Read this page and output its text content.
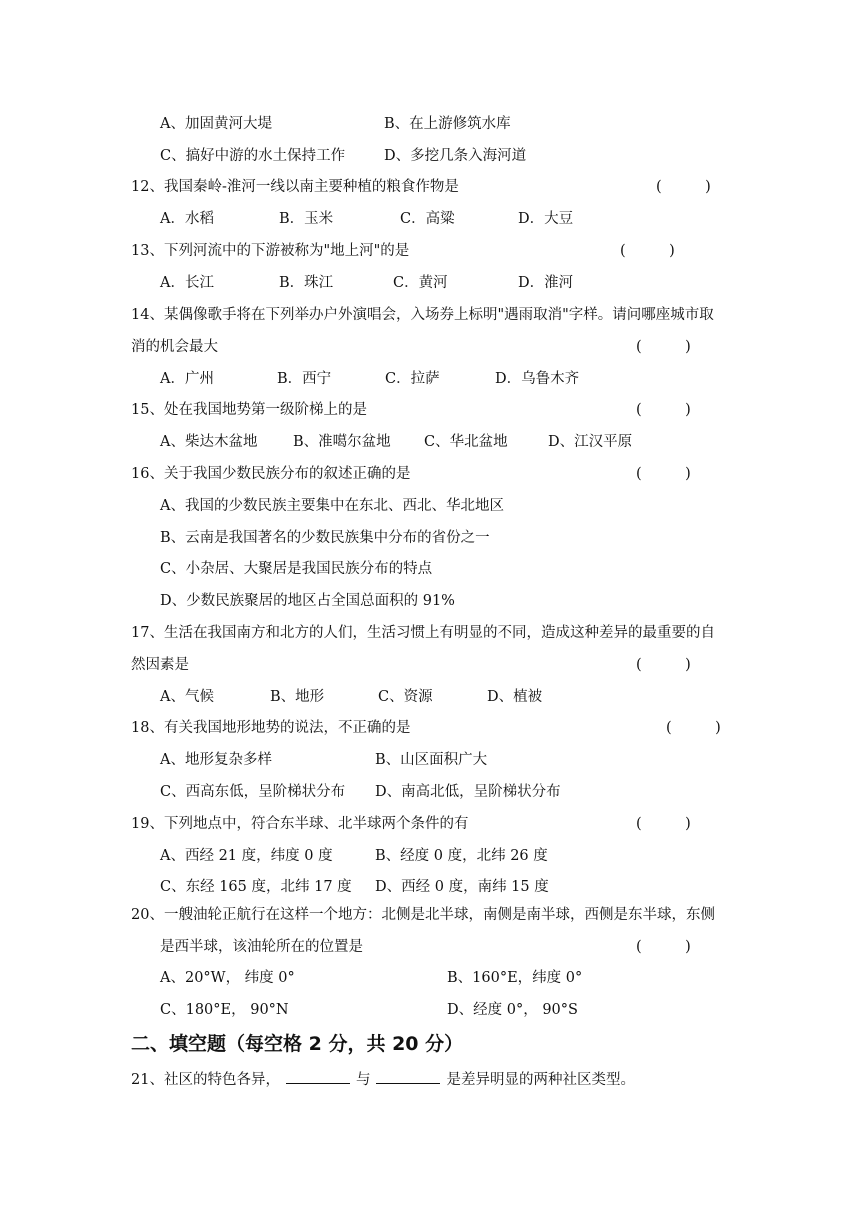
A、加固黄河大堤	B、在上游修筑水库
C、搞好中游的水土保持工作	D、多挖几条入海河道
12、我国秦岭-淮河一线以南主要种植的粮食作物是	(　　　)
A．水稻	B．玉米	C．高粱	D．大豆
13、下列河流中的下游被称为"地上河"的是	(　　　)
A．长江	B．珠江	C．黄河	D．淮河
14、某偶像歌手将在下列举办户外演唱会，入场券上标明"遇雨取消"字样。请问哪座城市取
消的机会最大	(　　　)
A．广州	B．西宁	C．拉萨	D．乌鲁木齐
15、处在我国地势第一级阶梯上的是	(　　　)
A、柴达木盆地 B、准噶尔盆地 C、华北盆地	D、江汉平原
16、关于我国少数民族分布的叙述正确的是	(　　　)
A、我国的少数民族主要集中在东北、西北、华北地区
B、云南是我国著名的少数民族集中分布的省份之一
C、小杂居、大聚居是我国民族分布的特点
D、少数民族聚居的地区占全国总面积的 91%
17、生活在我国南方和北方的人们，生活习惯上有明显的不同，造成这种差异的最重要的自
然因素是	(　　　)
A、气候	B、地形	C、资源	D、植被
18、有关我国地形地势的说法，不正确的是	(　　　)
A、地形复杂多样	B、山区面积广大
C、西高东低，呈阶梯状分布 D、南高北低，呈阶梯状分布
19、下列地点中，符合东半球、北半球两个条件的有	(　　　)
A、西经 21 度，纬度 0 度	B、经度 0 度，北纬 26 度
C、东经 165 度，北纬 17 度 D、西经 0 度，南纬 15 度
20、一艘油轮正航行在这样一个地方：北侧是北半球，南侧是南半球，西侧是东半球，东侧
是西半球，该油轮所在的位置是	(　　　)
A、20°W， 纬度 0°	B、160°E，纬度 0°
C、180°E， 90°N	D、经度 0°， 90°S
二、填空题（每空格 2 分，共 20 分）
21、社区的特色各异，	与	是差异明显的两种社区类型。
